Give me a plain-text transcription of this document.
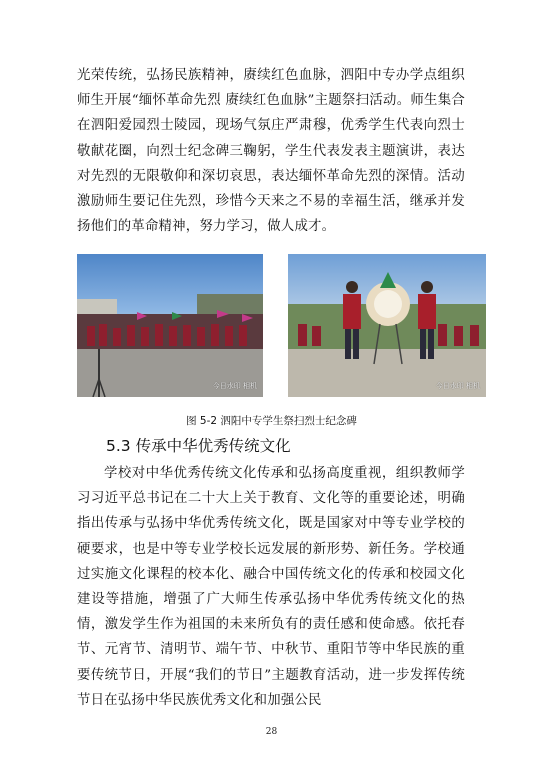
光荣传统，弘扬民族精神，赓续红色血脉，泗阳中专办学点组织师生开展“缅怀革命先烈 赓续红色血脉”主题祭扫活动。师生集合在泗阳爱园烈士陵园，现场气氛庄严肃穆，优秀学生代表向烈士敬献花圈，向烈士纪念碑三鞠躬，学生代表发表主题演讲，表达对先烈的无限敬仰和深切哀思，表达缅怀革命先烈的深情。活动激励师生要记住先烈，珍惜今天来之不易的幸福生活，继承并发扬他们的革命精神，努力学习，做人成才。

今日水印 相机	今日水印 相机
图 5-2 泗阳中专学生祭扫烈士纪念碑
5.3 传承中华优秀传统文化

学校对中华优秀传统文化传承和弘扬高度重视，组织教师学习习近平总书记在二十大上关于教育、文化等的重要论述，明确指出传承与弘扬中华优秀传统文化，既是国家对中等专业学校的硬要求，也是中等专业学校长远发展的新形势、新任务。学校通过实施文化课程的校本化、融合中国传统文化的传承和校园文化建设等措施，增强了广大师生传承弘扬中华优秀传统文化的热情，激发学生作为祖国的未来所负有的责任感和使命感。依托春节、元宵节、清明节、端午节、中秋节、重阳节等中华民族的重要传统节日，开展“我们的节日”主题教育活动，进一步发挥传统节日在弘扬中华民族优秀文化和加强公民

28
